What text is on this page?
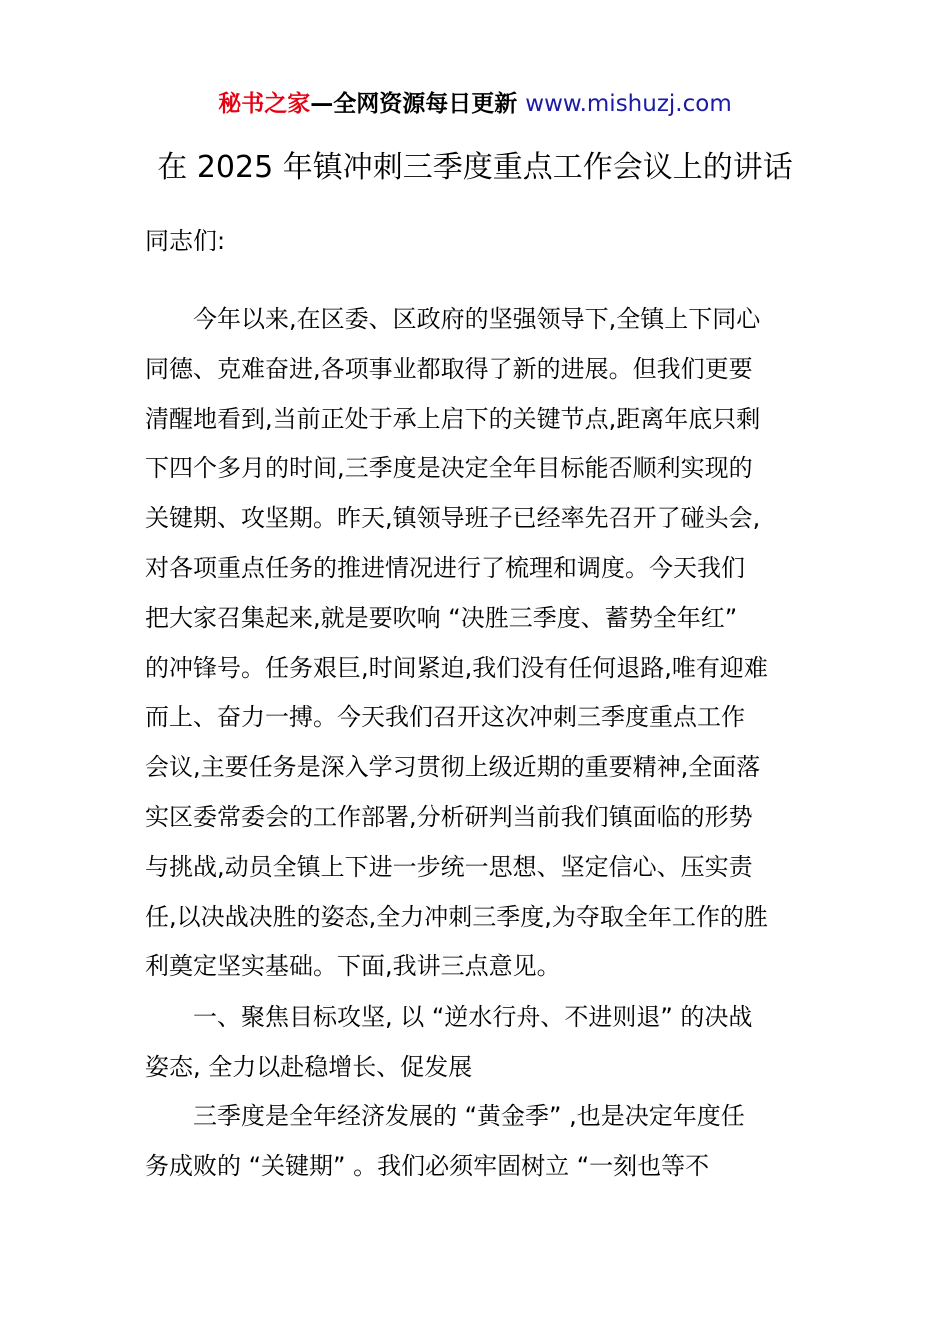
秘书之家—全网资源每日更新 www.mishuzj.com
在 2025 年镇冲刺三季度重点工作会议上的讲话
同志们:
今年以来,在区委、区政府的坚强领导下,全镇上下同心
同德、克难奋进,各项事业都取得了新的进展。但我们更要
清醒地看到,当前正处于承上启下的关键节点,距离年底只剩
下四个多月的时间,三季度是决定全年目标能否顺利实现的
关键期、攻坚期。昨天,镇领导班子已经率先召开了碰头会,
对各项重点任务的推进情况进行了梳理和调度。今天我们
把大家召集起来,就是要吹响 “决胜三季度、蓄势全年红”
的冲锋号。任务艰巨,时间紧迫,我们没有任何退路,唯有迎难
而上、奋力一搏。今天我们召开这次冲刺三季度重点工作
会议,主要任务是深入学习贯彻上级近期的重要精神,全面落
实区委常委会的工作部署,分析研判当前我们镇面临的形势
与挑战,动员全镇上下进一步统一思想、坚定信心、压实责
任,以决战决胜的姿态,全力冲刺三季度,为夺取全年工作的胜
利奠定坚实基础。下面,我讲三点意见。
一、聚焦目标攻坚, 以 “逆水行舟、不进则退” 的决战
姿态, 全力以赴稳增长、促发展
三季度是全年经济发展的 “黄金季” ,也是决定年度任
务成败的 “关键期” 。我们必须牢固树立 “一刻也等不
